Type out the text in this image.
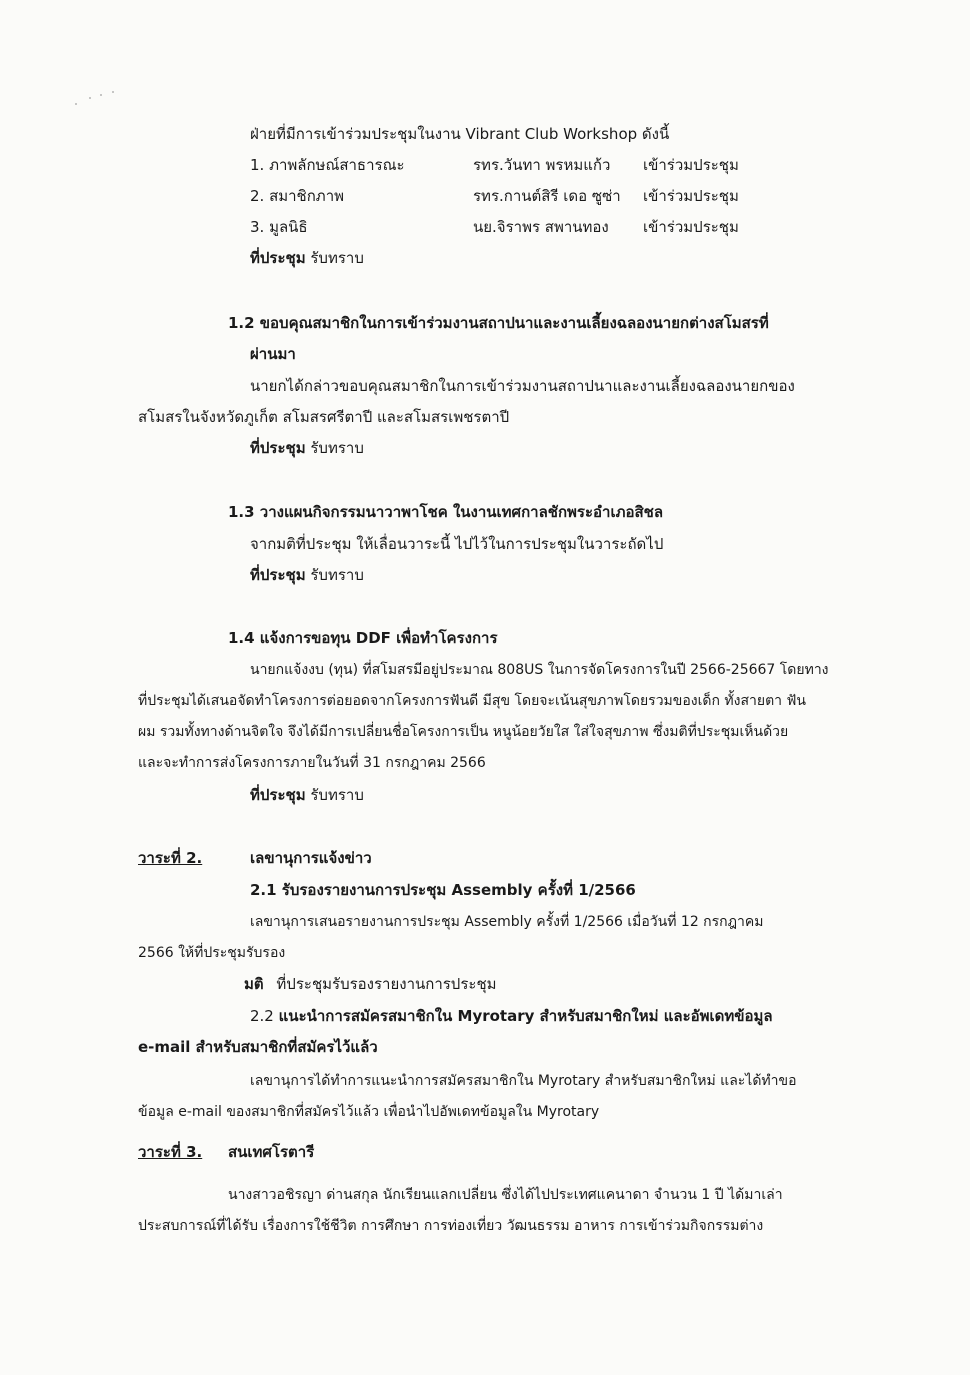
ฝ่ายที่มีการเข้าร่วมประชุมในงาน Vibrant Club Workshop ดังนี้
1. ภาพลักษณ์สาธารณะ	รทร.วันทา พรหมแก้ว เข้าร่วมประชุม
2. สมาชิกภาพ	รทร.กานต์สิรี เดอ ซูซ่า เข้าร่วมประชุม
3. มูลนิธิ	นย.จิราพร สพานทอง เข้าร่วมประชุม
ที่ประชุม รับทราบ
1.2 ขอบคุณสมาชิกในการเข้าร่วมงานสถาปนาและงานเลี้ยงฉลองนายกต่างสโมสรที่
ผ่านมา
นายกได้กล่าวขอบคุณสมาชิกในการเข้าร่วมงานสถาปนาและงานเลี้ยงฉลองนายกของ
สโมสรในจังหวัดภูเก็ต สโมสรศรีตาปี และสโมสรเพชรตาปี
ที่ประชุม รับทราบ
1.3 วางแผนกิจกรรมนาวาพาโชค ในงานเทศกาลชักพระอำเภอสิชล
จากมติที่ประชุม ให้เลื่อนวาระนี้ ไปไว้ในการประชุมในวาระถัดไป
ที่ประชุม รับทราบ
1.4 แจ้งการขอทุน DDF เพื่อทำโครงการ
นายกแจ้งงบ (ทุน) ที่สโมสรมีอยู่ประมาณ 808US ในการจัดโครงการในปี 2566-25667 โดยทาง
ที่ประชุมได้เสนอจัดทำโครงการต่อยอดจากโครงการฟันดี มีสุข โดยจะเน้นสุขภาพโดยรวมของเด็ก ทั้งสายตา ฟัน
ผม รวมทั้งทางด้านจิตใจ จึงได้มีการเปลี่ยนชื่อโครงการเป็น หนูน้อยวัยใส ใส่ใจสุขภาพ ซึ่งมติที่ประชุมเห็นด้วย
และจะทำการส่งโครงการภายในวันที่ 31 กรกฎาคม 2566
ที่ประชุม รับทราบ
วาระที่ 2.	เลขานุการแจ้งข่าว
2.1 รับรองรายงานการประชุม Assembly ครั้งที่ 1/2566
เลขานุการเสนอรายงานการประชุม Assembly ครั้งที่ 1/2566 เมื่อวันที่ 12 กรกฎาคม
2566 ให้ที่ประชุมรับรอง
มติ ที่ประชุมรับรองรายงานการประชุม
2.2 แนะนำการสมัครสมาชิกใน Myrotary สำหรับสมาชิกใหม่ และอัพเดทข้อมูล
e-mail สำหรับสมาชิกที่สมัครไว้แล้ว
เลขานุการได้ทำการแนะนำการสมัครสมาชิกใน Myrotary สำหรับสมาชิกใหม่ และได้ทำขอ
ข้อมูล e-mail ของสมาชิกที่สมัครไว้แล้ว เพื่อนำไปอัพเดทข้อมูลใน Myrotary
วาระที่ 3. สนเทศโรตารี
นางสาวอชิรญา ด่านสกุล นักเรียนแลกเปลี่ยน ซึ่งได้ไปประเทศแคนาดา จำนวน 1 ปี ได้มาเล่า
ประสบการณ์ที่ได้รับ เรื่องการใช้ชีวิต การศึกษา การท่องเที่ยว วัฒนธรรม อาหาร การเข้าร่วมกิจกรรมต่าง
